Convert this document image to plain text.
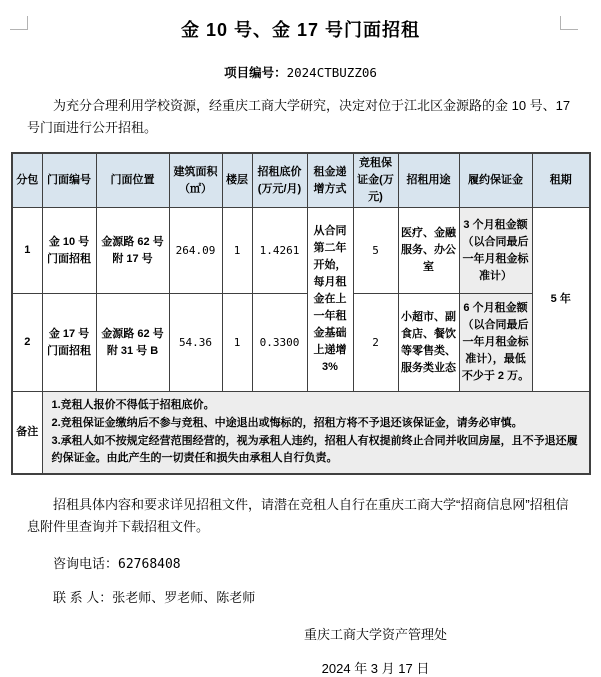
金 10 号、金 17 号门面招租
项目编号：2024CTBUZZ06
为充分合理利用学校资源，经重庆工商大学研究，决定对位于江北区金源路的金 10 号、17 号门面进行公开招租。
分包	门面编号	门面位置	建筑面积（㎡）	楼层	招租底价(万元/月)	租金递增方式	竞租保证金(万元)	招租用途	履约保证金	租期
1	金 10 号门面招租	金源路 62 号附 17 号	264.09	1	1.4261	从合同第二年开始，每月租金在上一年租金基础上递增3%	5	医疗、金融服务、办公室	3 个月租金额（以合同最后一年月租金标准计）	5 年
2	金 17 号门面招租	金源路 62 号附 31 号 B	54.36	1	0.3300		2	小超市、副食店、餐饮等零售类、服务类业态	6 个月租金额（以合同最后一年月租金标准计），最低不少于 2 万。	
备注	1.竞租人报价不得低于招租底价。
2.竞租保证金缴纳后不参与竞租、中途退出或悔标的，招租方将不予退还该保证金，请务必审慎。
3.承租人如不按规定经营范围经营的，视为承租人违约，招租人有权提前终止合同并收回房屋，且不予退还履约保证金。由此产生的一切责任和损失由承租人自行负责。									
招租具体内容和要求详见招租文件，请潜在竞租人自行在重庆工商大学“招商信息网”招租信息附件里查询并下载招租文件。
咨询电话：62768408
联 系 人：张老师、罗老师、陈老师
重庆工商大学资产管理处
2024 年 3 月 17 日
